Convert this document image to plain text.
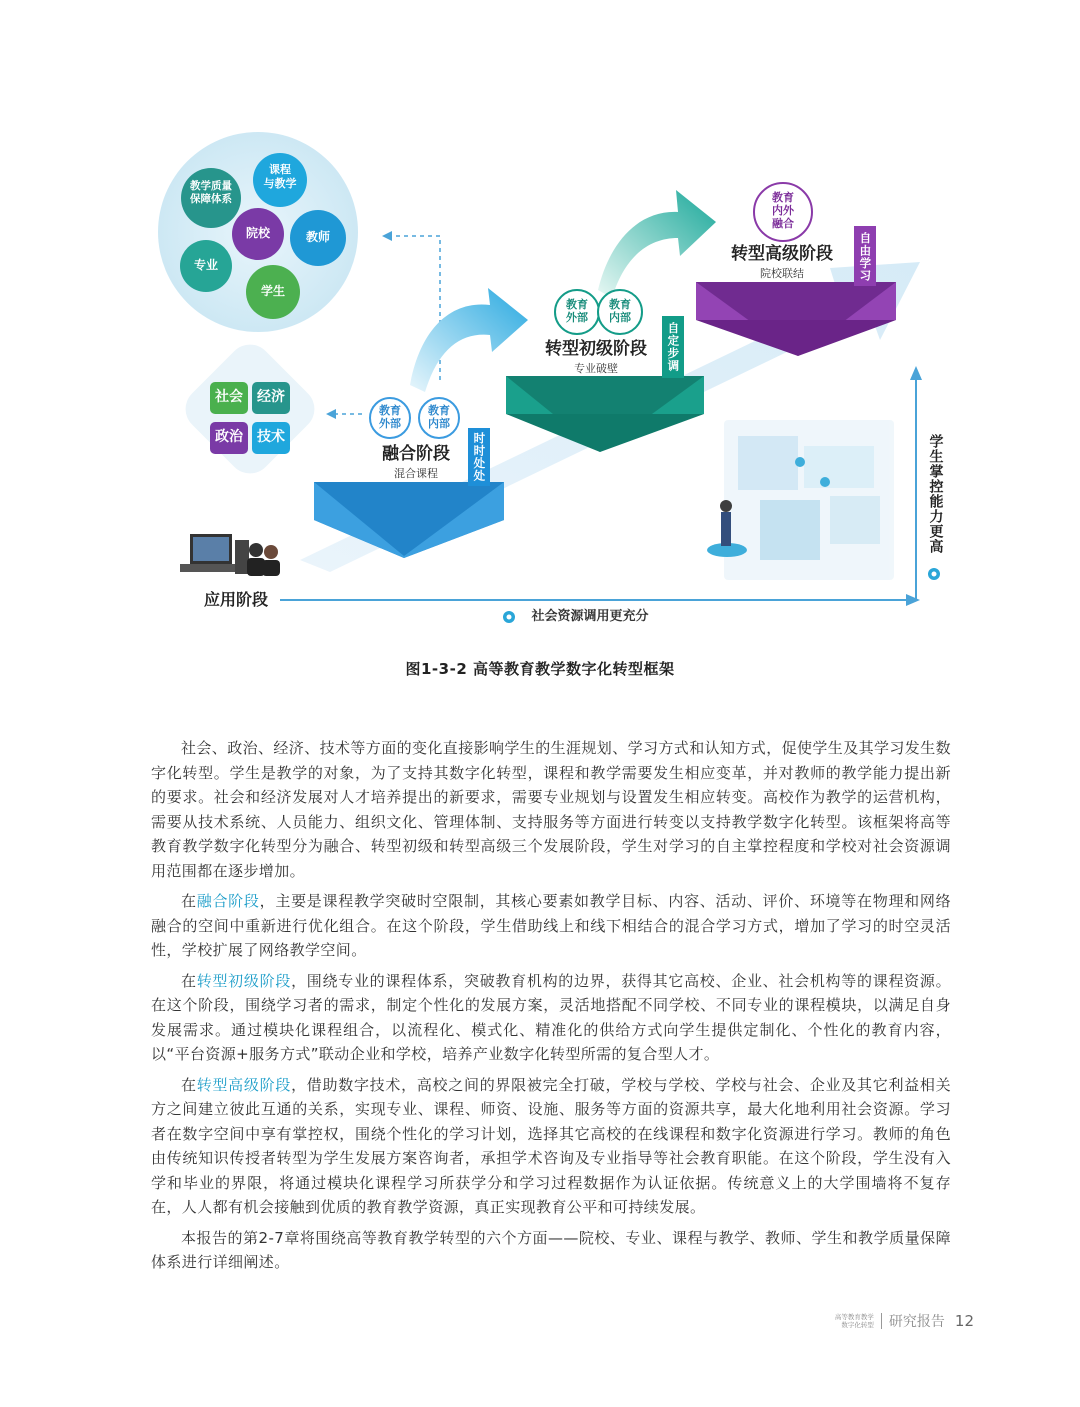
课程
与教学
教学质量
保障体系
院校	教师
专业
学生
社会	经济
政治	技术
教育
外部
教育
内部
融合阶段
混合课程	时时处处
教育
外部
教育
内部
转型初级阶段
专业破壁	自定步调
教育
内外
融合
转型高级阶段
院校联结	自由学习
应用阶段
社会资源调用更充分
学生掌控能力更高
图1-3-2 高等教育教学数字化转型框架

社会、政治、经济、技术等方面的变化直接影响学生的生涯规划、学习方式和认知方式，促使学生及其学习发生数字化转型。学生是教学的对象，为了支持其数字化转型，课程和教学需要发生相应变革，并对教师的教学能力提出新的要求。社会和经济发展对人才培养提出的新要求，需要专业规划与设置发生相应转变。高校作为教学的运营机构，需要从技术系统、人员能力、组织文化、管理体制、支持服务等方面进行转变以支持教学数字化转型。该框架将高等教育教学数字化转型分为融合、转型初级和转型高级三个发展阶段，学生对学习的自主掌控程度和学校对社会资源调用范围都在逐步增加。

在融合阶段，主要是课程教学突破时空限制，其核心要素如教学目标、内容、活动、评价、环境等在物理和网络融合的空间中重新进行优化组合。在这个阶段，学生借助线上和线下相结合的混合学习方式，增加了学习的时空灵活性，学校扩展了网络教学空间。

在转型初级阶段，围绕专业的课程体系，突破教育机构的边界，获得其它高校、企业、社会机构等的课程资源。在这个阶段，围绕学习者的需求，制定个性化的发展方案，灵活地搭配不同学校、不同专业的课程模块，以满足自身发展需求。通过模块化课程组合，以流程化、模式化、精准化的供给方式向学生提供定制化、个性化的教育内容，以“平台资源+服务方式”联动企业和学校，培养产业数字化转型所需的复合型人才。

在转型高级阶段，借助数字技术，高校之间的界限被完全打破，学校与学校、学校与社会、企业及其它利益相关方之间建立彼此互通的关系，实现专业、课程、师资、设施、服务等方面的资源共享，最大化地利用社会资源。学习者在数字空间中享有掌控权，围绕个性化的学习计划，选择其它高校的在线课程和数字化资源进行学习。教师的角色由传统知识传授者转型为学生发展方案咨询者，承担学术咨询及专业指导等社会教育职能。在这个阶段，学生没有入学和毕业的界限，将通过模块化课程学习所获学分和学习过程数据作为认证依据。传统意义上的大学围墙将不复存在，人人都有机会接触到优质的教育教学资源，真正实现教育公平和可持续发展。

本报告的第2-7章将围绕高等教育教学转型的六个方面——院校、专业、课程与教学、教师、学生和教学质量保障体系进行详细阐述。

高等教育教学
数字化转型 研究报告 12
